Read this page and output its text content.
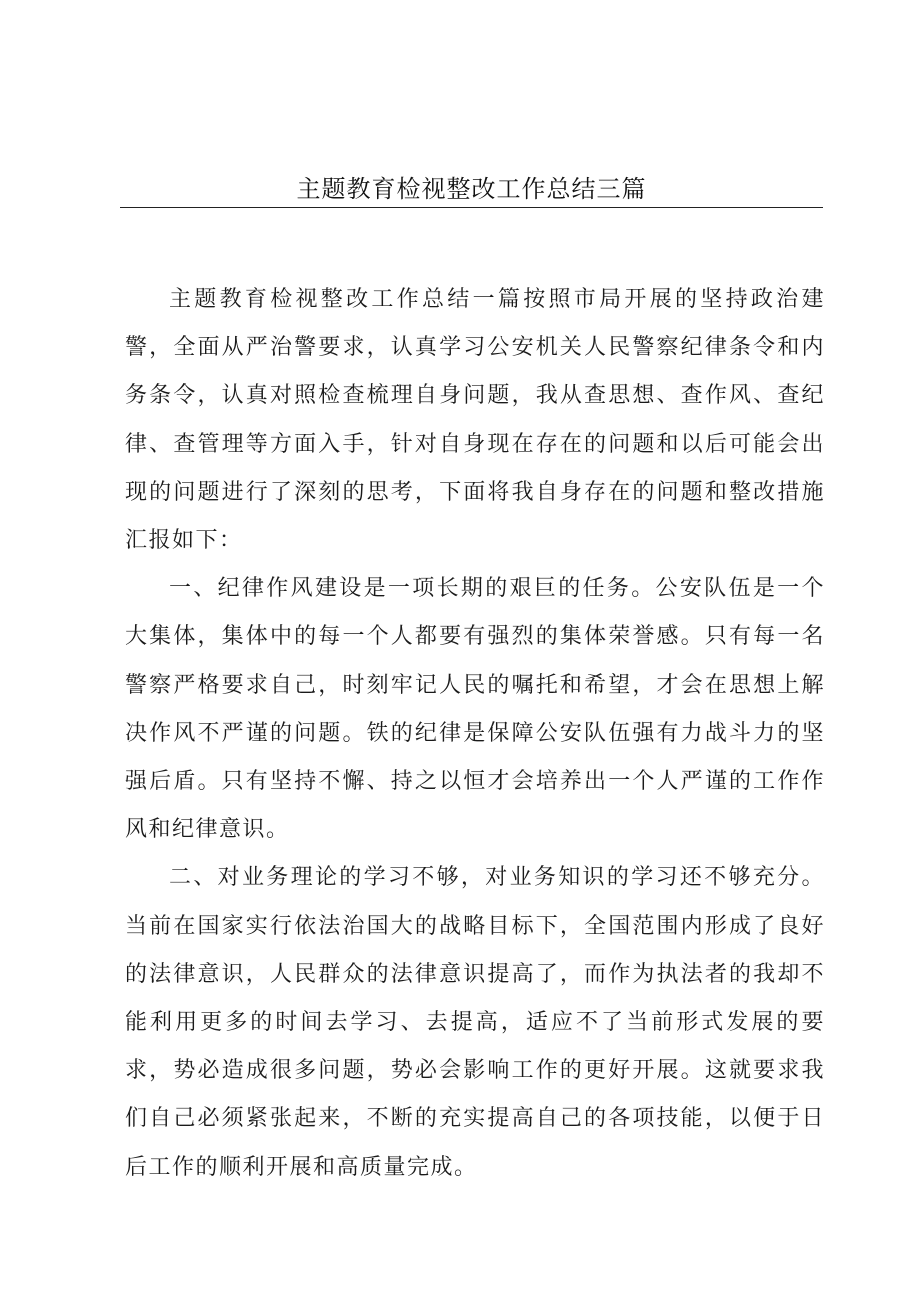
主题教育检视整改工作总结三篇

主题教育检视整改工作总结一篇按照市局开展的坚持政治建警，全面从严治警要求，认真学习公安机关人民警察纪律条令和内务条令，认真对照检查梳理自身问题，我从查思想、查作风、查纪律、查管理等方面入手，针对自身现在存在的问题和以后可能会出现的问题进行了深刻的思考，下面将我自身存在的问题和整改措施汇报如下：

一、纪律作风建设是一项长期的艰巨的任务。公安队伍是一个大集体，集体中的每一个人都要有强烈的集体荣誉感。只有每一名警察严格要求自己，时刻牢记人民的嘱托和希望，才会在思想上解决作风不严谨的问题。铁的纪律是保障公安队伍强有力战斗力的坚强后盾。只有坚持不懈、持之以恒才会培养出一个人严谨的工作作风和纪律意识。

二、对业务理论的学习不够，对业务知识的学习还不够充分。当前在国家实行依法治国大的战略目标下，全国范围内形成了良好的法律意识，人民群众的法律意识提高了，而作为执法者的我却不能利用更多的时间去学习、去提高，适应不了当前形式发展的要求，势必造成很多问题，势必会影响工作的更好开展。这就要求我们自己必须紧张起来，不断的充实提高自己的各项技能，以便于日后工作的顺利开展和高质量完成。
